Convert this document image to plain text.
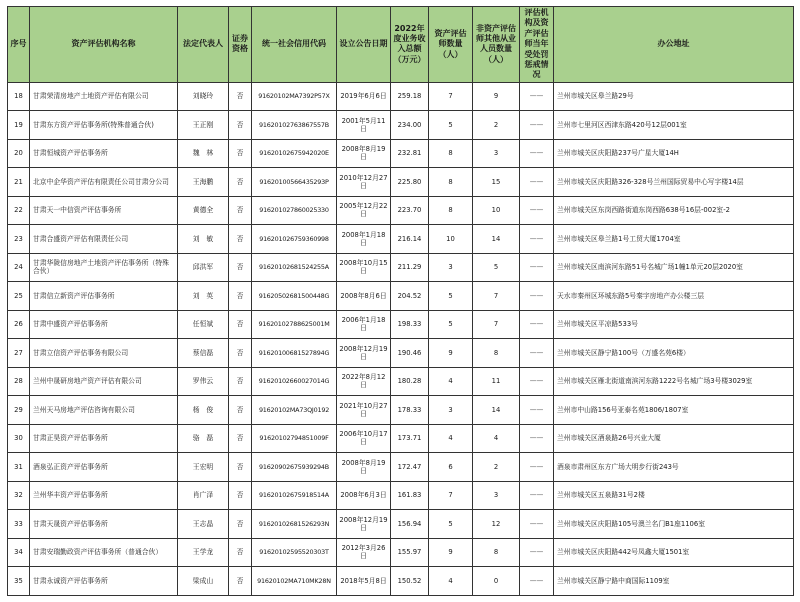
序号	资产评估机构名称	法定代表人	证券资格	统一社会信用代码	设立公告日期	2022年度业务收入总额（万元）	资产评估师数量（人）	非资产评估师其他从业人员数量（人）	评估机构及资产评估师当年受处罚惩戒情况	办公地址
18	甘肃荣清房地产土地资产评估有限公司	刘晓玲	否	91620102MA7392P57X	2019年6月6日	259.18	7	9	——	兰州市城关区皋兰路29号
19	甘肃东方资产评估事务所(特殊普通合伙)	王正刚	否	91620102763867557B	2001年5月11日	234.00	5	2	——	兰州市七里河区西津东路420号12层001室
20	甘肃恒城资产评估事务所	魏　林	否	91620102675942020E	2008年8月19日	232.81	8	3	——	兰州市城关区庆阳路237号广星大厦14H
21	北京中企华资产评估有限责任公司甘肃分公司	王海鹏	否	91620100566435293P	2010年12月27日	225.80	8	15	——	兰州市城关区庆阳路326-328号兰州国际贸易中心写字楼14层
22	甘肃天一中信资产评估事务所	黄德全	否	916201027860025330	2005年12月22日	223.70	8	10	——	兰州市城关区东岗西路街道东岗西路638号16层-002室-2
23	甘肃合盛资产评估有限责任公司	刘　敏	否	916201026759360998	2008年1月18日	216.14	10	14	——	兰州市城关区皋兰路1号工贸大厦1704室
24	甘肃华陇信房地产土地资产评估事务所（特殊合伙）	邱洪军	否	91620102681524255A	2008年10月15日	211.29	3	5	——	兰州市城关区南滨河东路51号名城广场1幢1单元20层2020室
25	甘肃信立新资产评估事务所	刘　英	否	91620502681500448G	2008年8月6日	204.52	5	7	——	天水市秦州区环城东路5号秦宇房地产办公楼三层
26	甘肃中盛资产评估事务所	任恒斌	否	91620102788625001M	2006年1月18日	198.33	5	7	——	兰州市城关区平凉路533号
27	甘肃立信资产评估事务有限公司	蔡信磊	否	91620100681527894G	2008年12月19日	190.46	9	8	——	兰州市城关区静宁路100号（万盛名苑6楼）
28	兰州中晟研房地产资产评估有限公司	罗伟云	否	91620102660027014G	2022年8月12日	180.28	4	11	——	兰州市城关区雁北街道南滨河东路1222号名城广场3号楼3029室
29	兰州天马房地产评估咨询有限公司	杨　俊	否	91620102MA73QJ0192	2021年10月27日	178.33	3	14	——	兰州市中山路156号亚泰名苑1806/1807室
30	甘肃正昊资产评估事务所	骆　磊	否	91620102794851009F	2006年10月17日	173.71	4	4	——	兰州市城关区酒泉路26号兴业大厦
31	酒泉弘正资产评估事务所	王宏明	否	91620902675939294B	2008年8月19日	172.47	6	2	——	酒泉市肃州区东方广场大明步行街243号
32	兰州华丰资产评估事务所	肖广泽	否	91620102675918514A	2008年6月3日	161.83	7	3	——	兰州市城关区五泉路31号2楼
33	甘肃天晟资产评估事务所	王志晶	否	91620102681526293N	2008年12月19日	156.94	5	12	——	兰州市城关区庆阳路105号澳兰名门B1座1106室
34	甘肃安瑞勤政资产评估事务所（普通合伙）	王学龙	否	91620102595520303T	2012年3月26日	155.97	9	8	——	兰州市城关区庆阳路442号凤鑫大厦1501室
35	甘肃永诚资产评估事务所	梁成山	否	91620102MA710MK28N	2018年5月8日	150.52	4	0	——	兰州市城关区静宁路中商国际1109室
